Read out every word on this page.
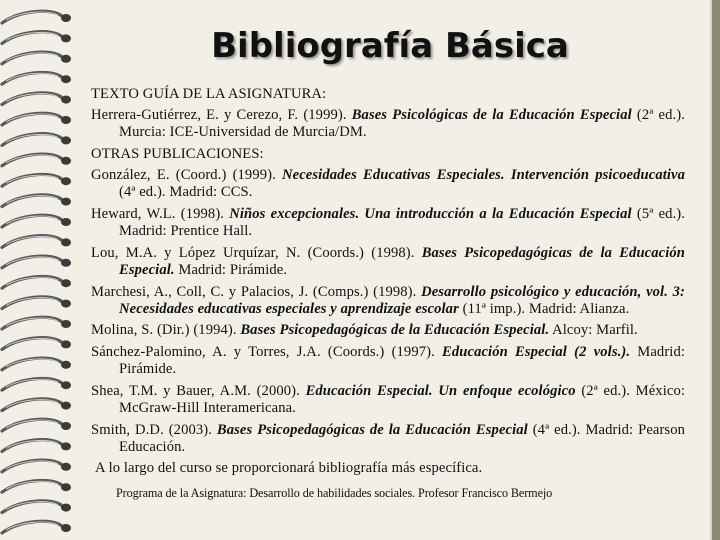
Bibliografía Básica
TEXTO GUÍA DE LA ASIGNATURA:
Herrera-Gutiérrez, E. y Cerezo, F. (1999). Bases Psicológicas de la Educación Especial (2ª ed.). Murcia: ICE-Universidad de Murcia/DM.
OTRAS PUBLICACIONES:
González, E. (Coord.) (1999). Necesidades Educativas Especiales. Intervención psicoeducativa (4ª ed.). Madrid: CCS.
Heward, W.L. (1998). Niños excepcionales. Una introducción a la Educación Especial (5ª ed.). Madrid: Prentice Hall.
Lou, M.A. y López Urquízar, N. (Coords.) (1998). Bases Psicopedagógicas de la Educación Especial. Madrid: Pirámide.
Marchesi, A., Coll, C. y Palacios, J. (Comps.) (1998). Desarrollo psicológico y educación, vol. 3: Necesidades educativas especiales y aprendizaje escolar (11ª imp.). Madrid: Alianza.
Molina, S. (Dir.) (1994). Bases Psicopedagógicas de la Educación Especial. Alcoy: Marfil.
Sánchez-Palomino, A. y Torres, J.A. (Coords.) (1997). Educación Especial (2 vols.). Madrid: Pirámide.
Shea, T.M. y Bauer, A.M. (2000). Educación Especial. Un enfoque ecológico (2ª ed.). México: McGraw-Hill Interamericana.
Smith, D.D. (2003). Bases Psicopedagógicas de la Educación Especial (4ª ed.). Madrid: Pearson Educación.
A lo largo del curso se proporcionará bibliografía más específica.
Programa de la Asignatura: Desarrollo de habilidades sociales. Profesor Francisco Bermejo
